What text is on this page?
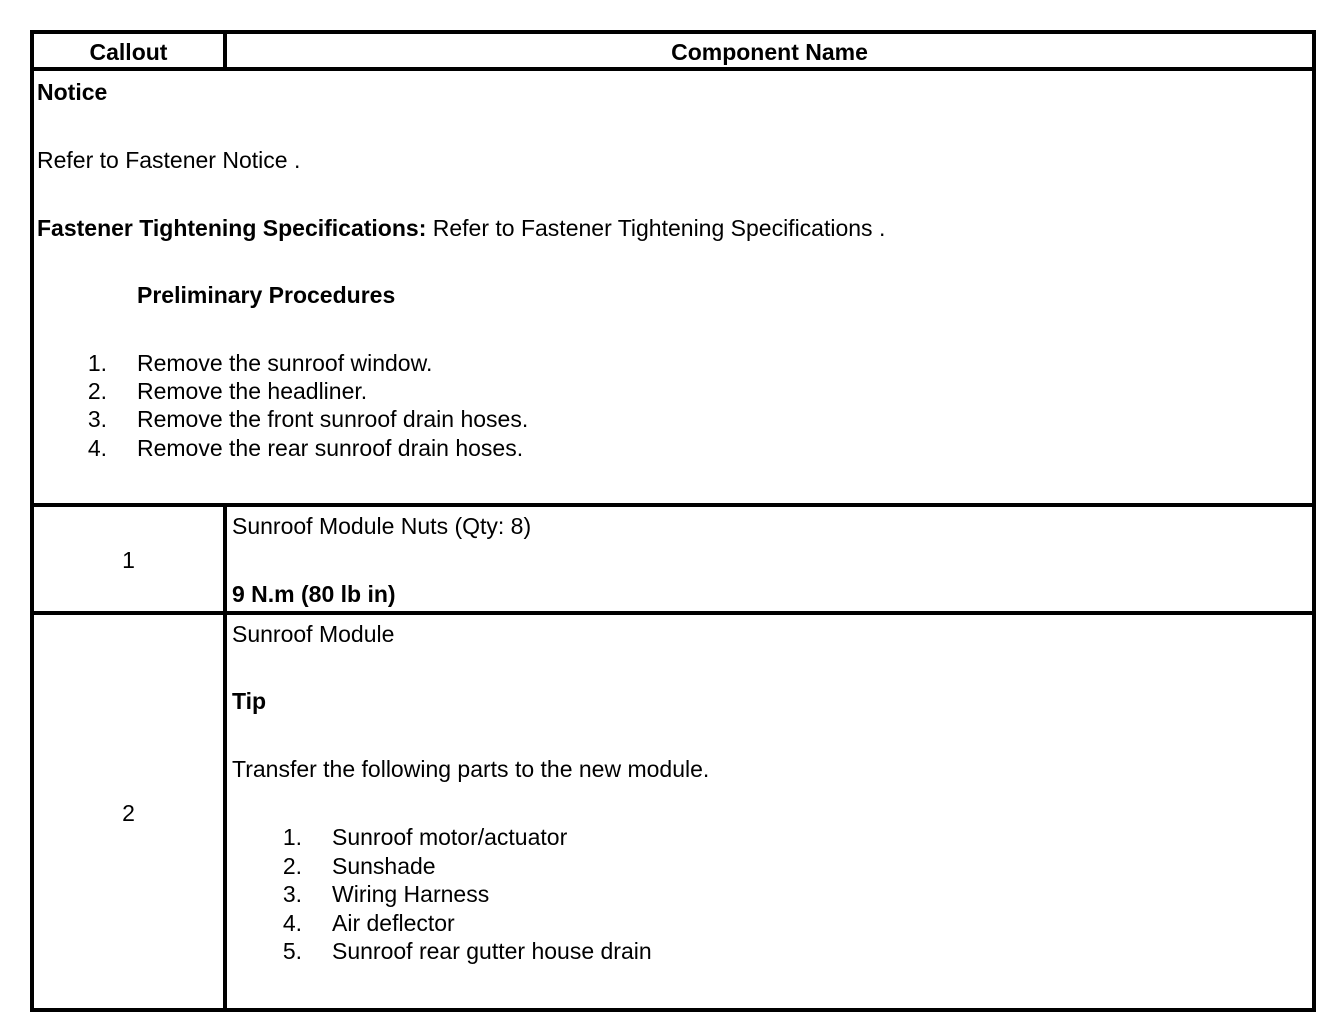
Callout	Component Name
Notice
Refer to Fastener Notice .
Fastener Tightening Specifications: Refer to Fastener Tightening Specifications .
Preliminary Procedures
1. Remove the sunroof window.
2. Remove the headliner.
3. Remove the front sunroof drain hoses.
4. Remove the rear sunroof drain hoses.
1
Sunroof Module Nuts (Qty: 8)
9 N.m (80 lb in)
2
Sunroof Module
Tip
Transfer the following parts to the new module.
1. Sunroof motor/actuator
2. Sunshade
3. Wiring Harness
4. Air deflector
5. Sunroof rear gutter house drain
